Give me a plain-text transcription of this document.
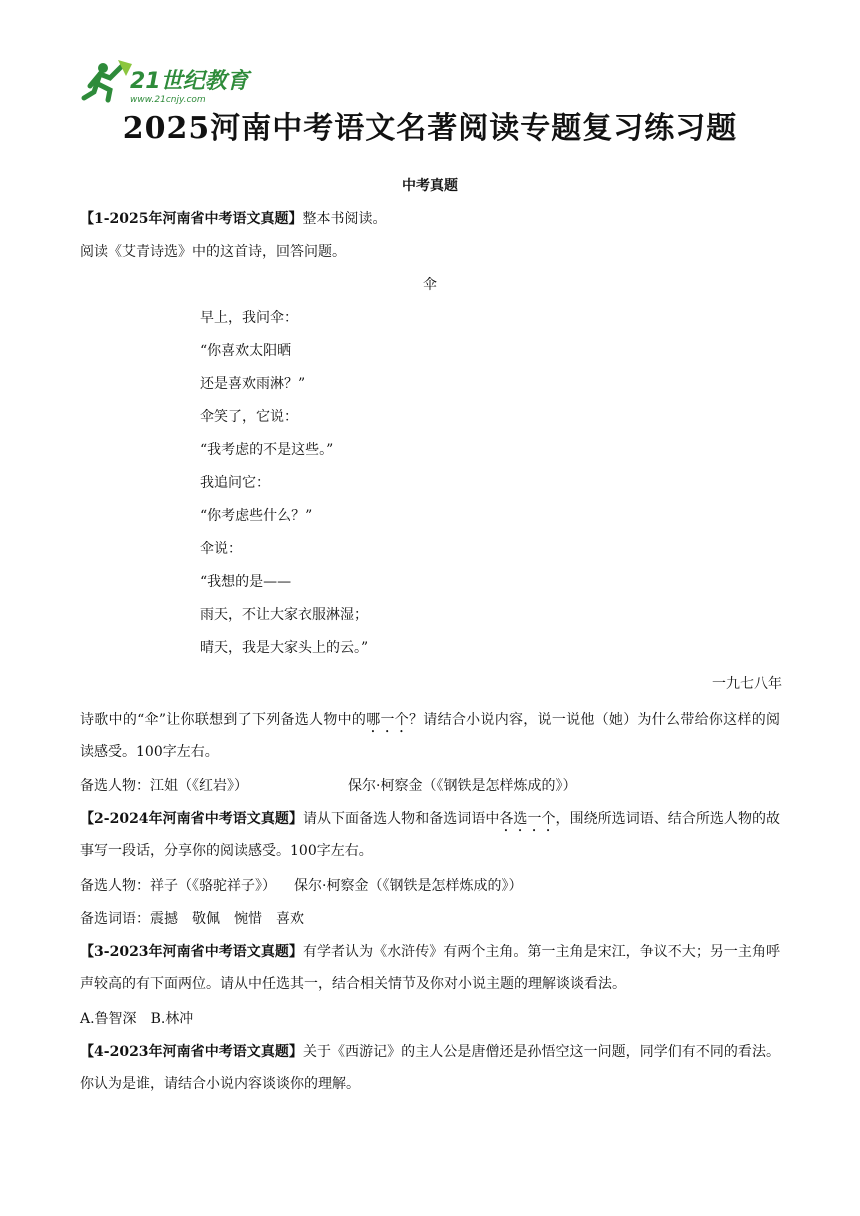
21世纪教育
www.21cnjy.com
2025河南中考语文名著阅读专题复习练习题

中考真题

【1-2025年河南省中考语文真题】整本书阅读。

阅读《艾青诗选》中的这首诗，回答问题。

伞

早上，我问伞：

“你喜欢太阳晒

还是喜欢雨淋？”

伞笑了，它说：

“我考虑的不是这些。”

我追问它：

“你考虑些什么？”

伞说：

“我想的是——

雨天，不让大家衣服淋湿；

晴天，我是大家头上的云。”

一九七八年

诗歌中的“伞”让你联想到了下列备选人物中的哪一个？请结合小说内容，说一说他（她）为什么带给你这样的阅读感受。100字左右。

备选人物：江姐（《红岩》）	保尔·柯察金（《钢铁是怎样炼成的》）

【2-2024年河南省中考语文真题】请从下面备选人物和备选词语中各选一个，围绕所选词语、结合所选人物的故事写一段话，分享你的阅读感受。100字左右。

备选人物：祥子（《骆驼祥子》） 保尔·柯察金（《钢铁是怎样炼成的》）

备选词语：震撼 敬佩 惋惜 喜欢

【3-2023年河南省中考语文真题】有学者认为《水浒传》有两个主角。第一主角是宋江，争议不大；另一主角呼声较高的有下面两位。请从中任选其一，结合相关情节及你对小说主题的理解谈谈看法。

A.鲁智深 B.林冲

【4-2023年河南省中考语文真题】关于《西游记》的主人公是唐僧还是孙悟空这一问题，同学们有不同的看法。你认为是谁，请结合小说内容谈谈你的理解。
